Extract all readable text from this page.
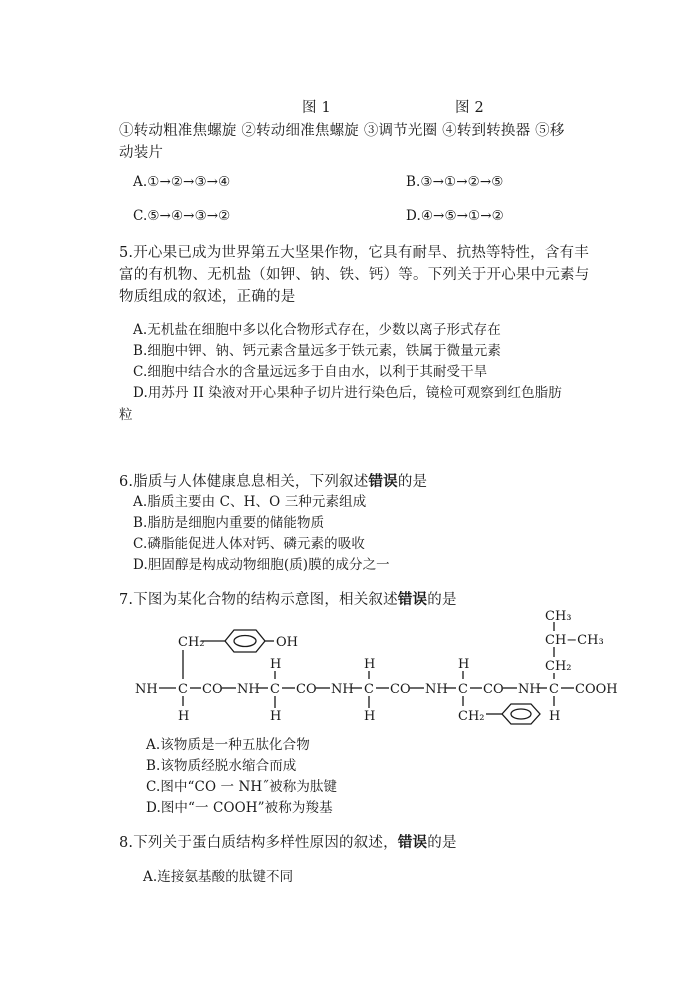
图 1	图 2
①转动粗准焦螺旋 ②转动细准焦螺旋 ③调节光圈 ④转到转换器 ⑤移
动装片
A.①→②→③→④	B.③→①→②→⑤
C.⑤→④→③→②	D.④→⑤→①→②
5.开心果已成为世界第五大坚果作物，它具有耐旱、抗热等特性，含有丰
富的有机物、无机盐（如钾、钠、铁、钙）等。下列关于开心果中元素与
物质组成的叙述，正确的是
A.无机盐在细胞中多以化合物形式存在，少数以离子形式存在
B.细胞中钾、钠、钙元素含量远多于铁元素，铁属于微量元素
C.细胞中结合水的含量远远多于自由水，以利于其耐受干旱
D.用苏丹 II 染液对开心果种子切片进行染色后，镜检可观察到红色脂肪
粒
6.脂质与人体健康息息相关，下列叙述错误的是
A.脂质主要由 C、H、O 三种元素组成
B.脂肪是细胞内重要的储能物质
C.磷脂能促进人体对钙、磷元素的吸收
D.胆固醇是构成动物细胞(质)膜的成分之一
7.下图为某化合物的结构示意图，相关叙述错误的是
CH₃
CH−CH₃
CH₂
CH₂	OH
H	H	H
NH C CO NH C CO NH C CO NH C CO NH C COOH
H	H	H	CH₂	H
A.该物质是一种五肽化合物
B.该物质经脱水缩合而成
C.图中“CO 一 NH˝被称为肽键
D.图中“一 COOH”被称为羧基
8.下列关于蛋白质结构多样性原因的叙述，错误的是
A.连接氨基酸的肽键不同
